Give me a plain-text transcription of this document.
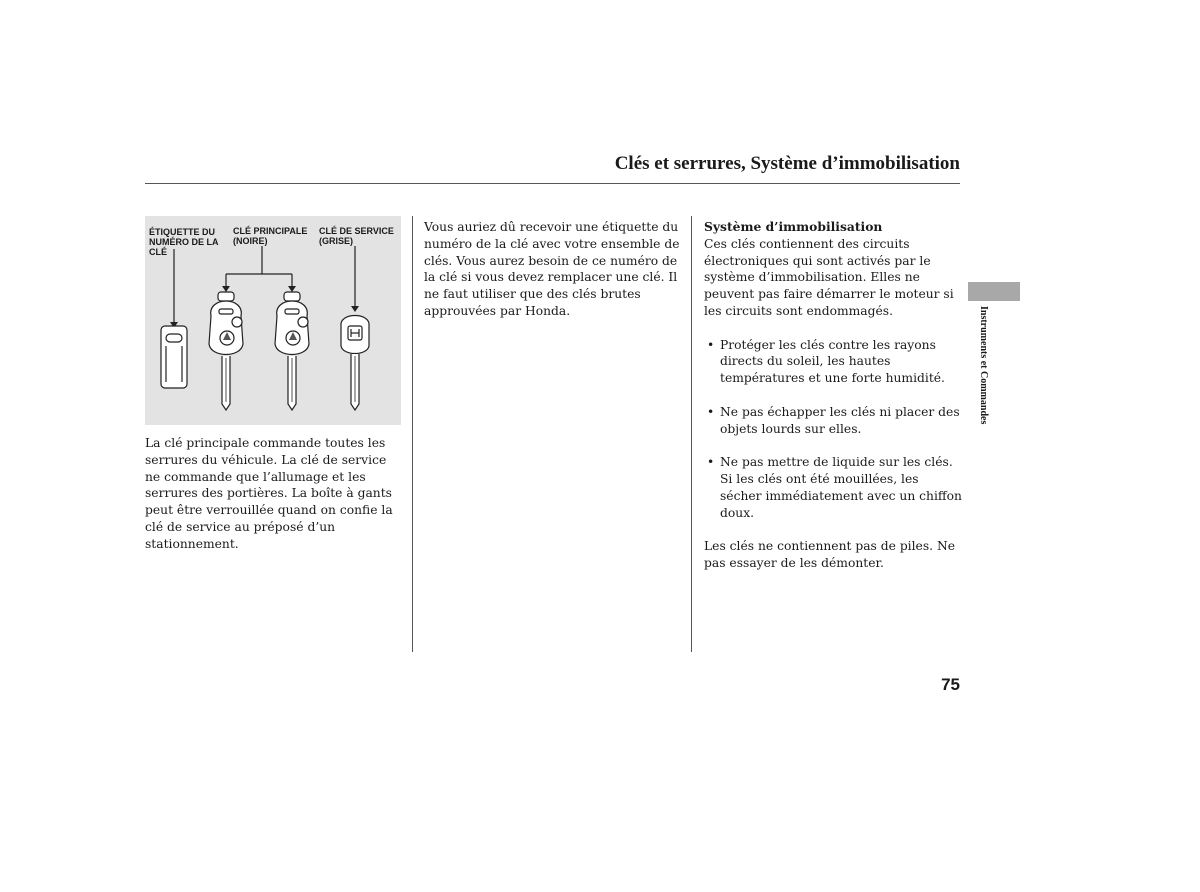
Clés et serrures, Système d’immobilisation
ÉTIQUETTE DU
NUMÉRO DE LA
CLÉ
CLÉ PRINCIPALE
(NOIRE)
CLÉ DE SERVICE
(GRISE)

La clé principale commande toutes les serrures du véhicule. La clé de service ne commande que l’allumage et les serrures des portières. La boîte à gants peut être verrouillée quand on confie la clé de service au préposé d’un stationnement.

Vous auriez dû recevoir une étiquette du numéro de la clé avec votre ensemble de clés. Vous aurez besoin de ce numéro de la clé si vous devez remplacer une clé. Il ne faut utiliser que des clés brutes approuvées par Honda.

Système d’immobilisation
Ces clés contiennent des circuits électroniques qui sont activés par le système d’immobilisation. Elles ne peuvent pas faire démarrer le moteur si les circuits sont endommagés.
• Protéger les clés contre les rayons directs du soleil, les hautes températures et une forte humidité.
• Ne pas échapper les clés ni placer des objets lourds sur elles.
• Ne pas mettre de liquide sur les clés. Si les clés ont été mouillées, les sécher immédiatement avec un chiffon doux.
Les clés ne contiennent pas de piles. Ne pas essayer de les démonter.
Instruments et Commandes
75
